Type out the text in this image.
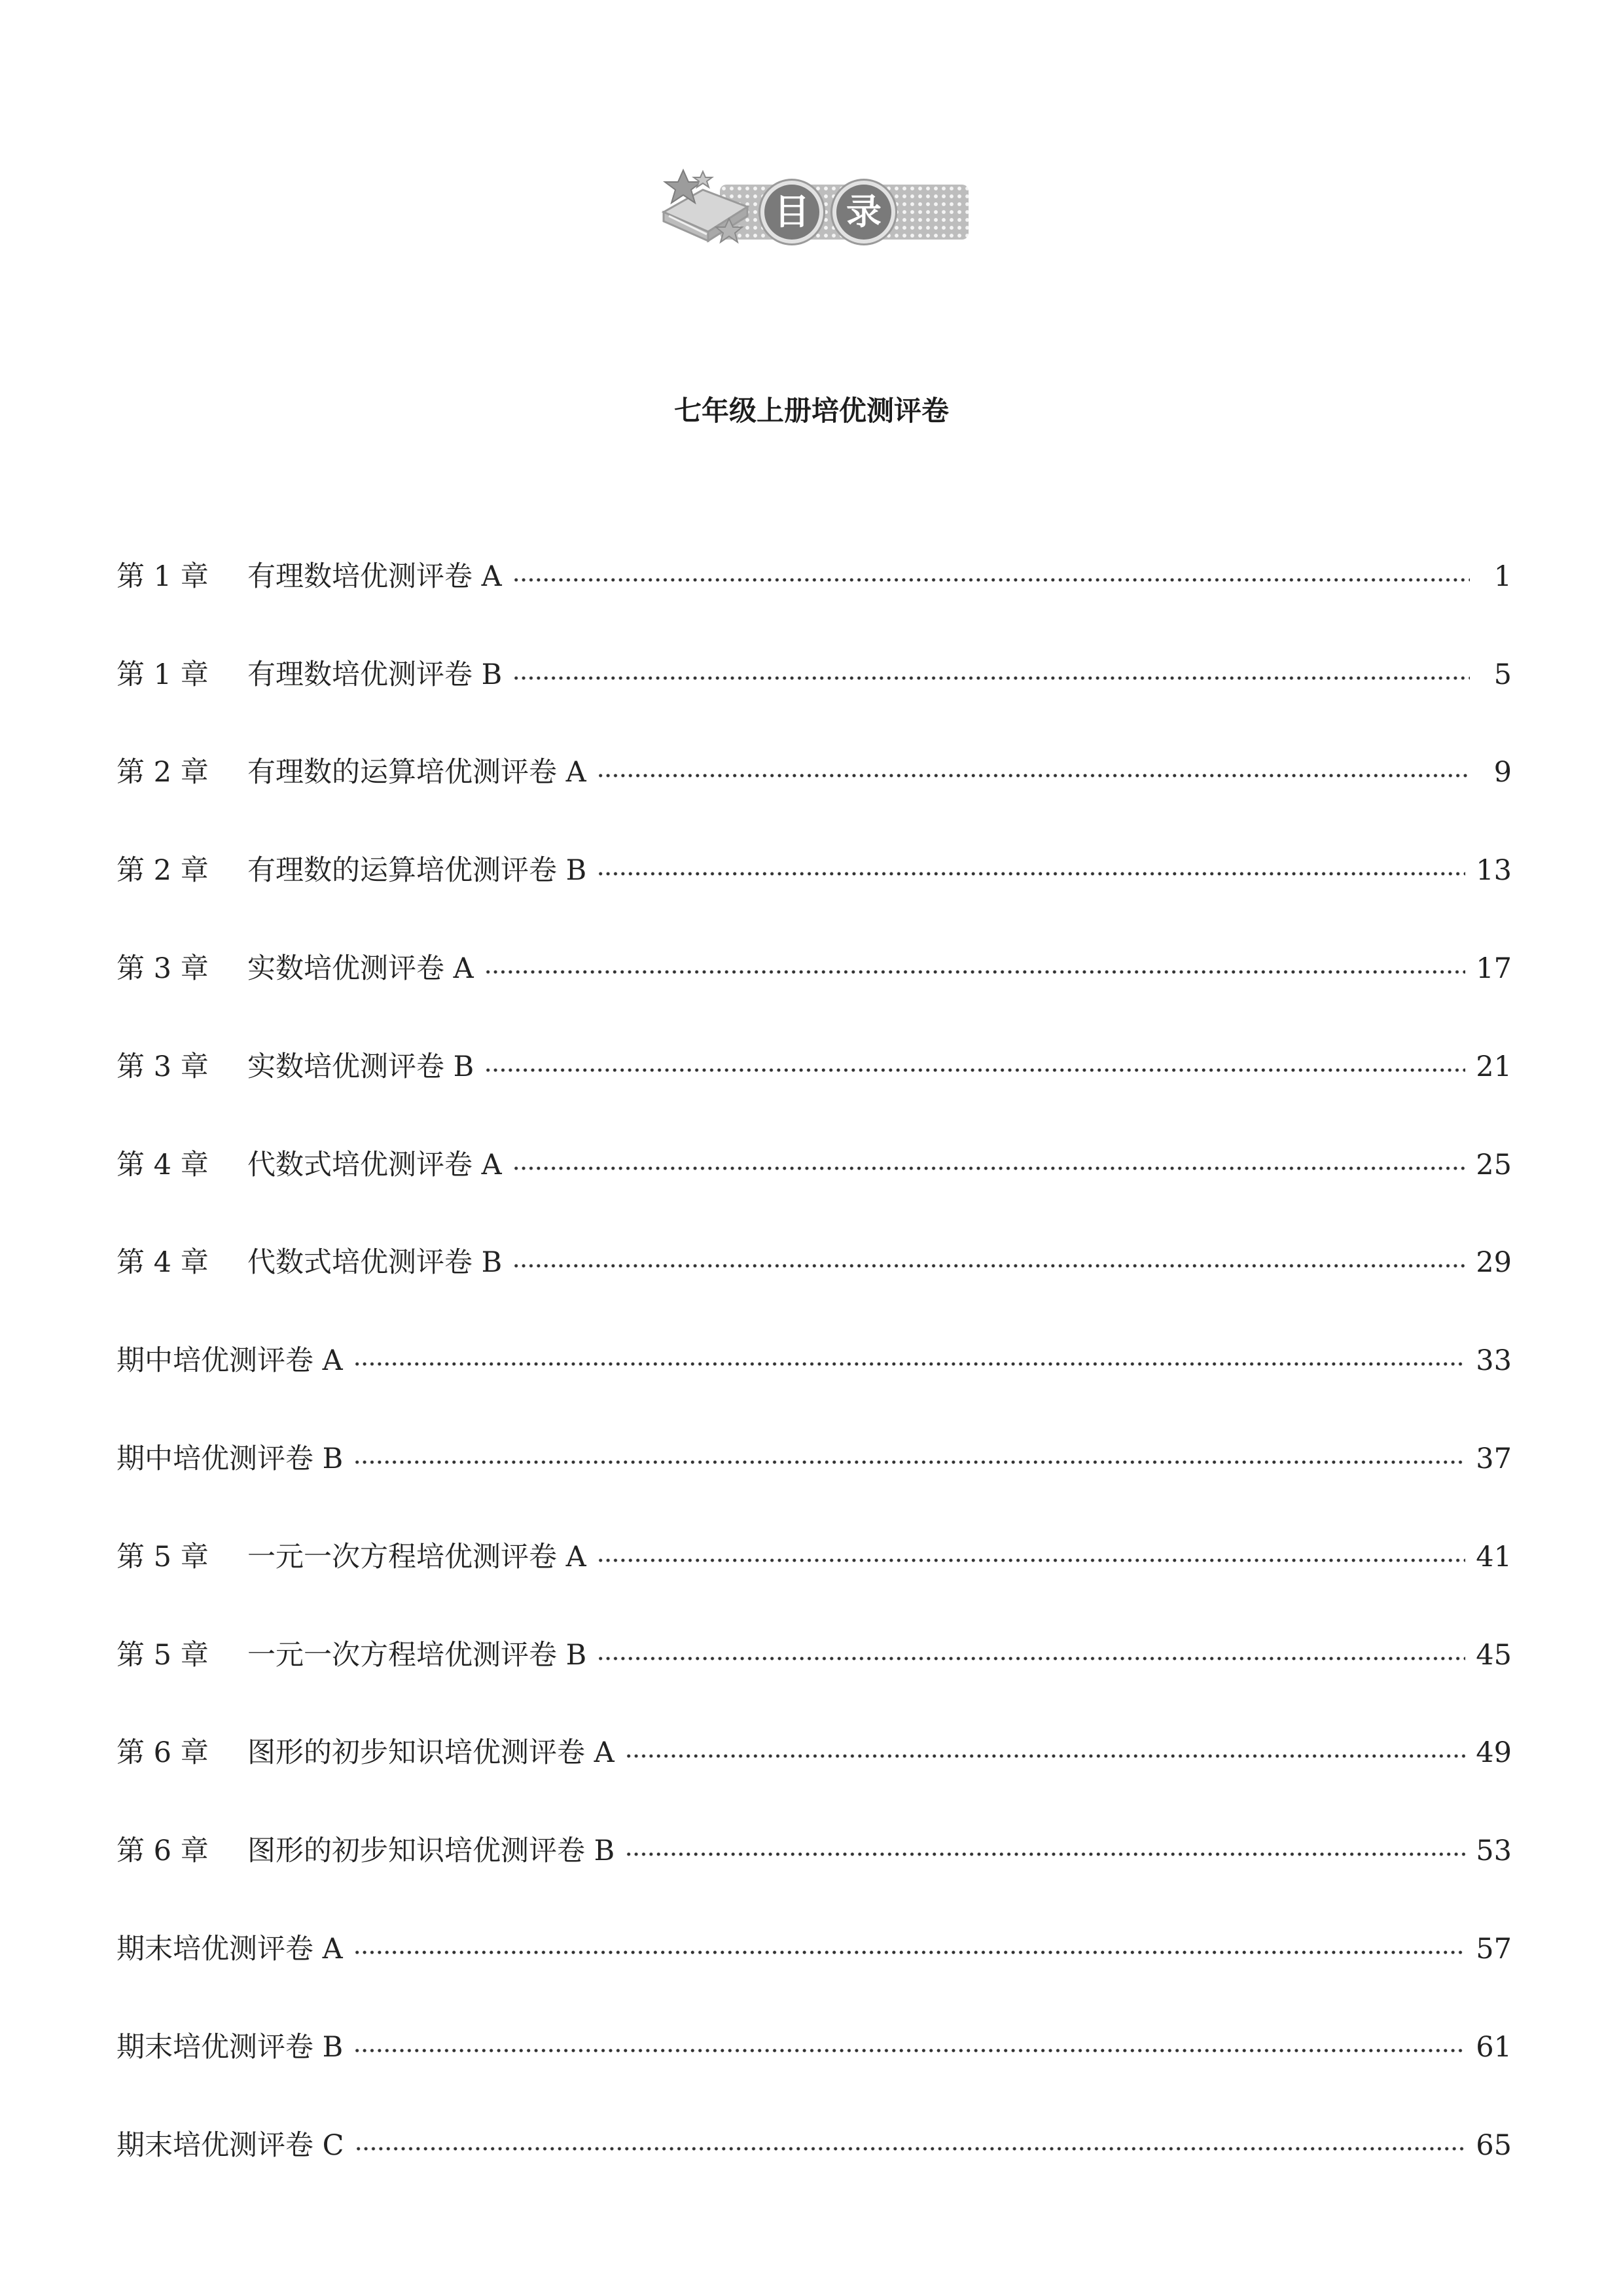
目	录
七年级上册培优测评卷
第 1 章	有理数培优测评卷 A	1
第 1 章	有理数培优测评卷 B	5
第 2 章	有理数的运算培优测评卷 A	9
第 2 章	有理数的运算培优测评卷 B	13
第 3 章	实数培优测评卷 A	17
第 3 章	实数培优测评卷 B	21
第 4 章	代数式培优测评卷 A	25
第 4 章	代数式培优测评卷 B	29
期中培优测评卷 A	33
期中培优测评卷 B	37
第 5 章	一元一次方程培优测评卷 A	41
第 5 章	一元一次方程培优测评卷 B	45
第 6 章	图形的初步知识培优测评卷 A	49
第 6 章	图形的初步知识培优测评卷 B	53
期末培优测评卷 A	57
期末培优测评卷 B	61
期末培优测评卷 C	65
